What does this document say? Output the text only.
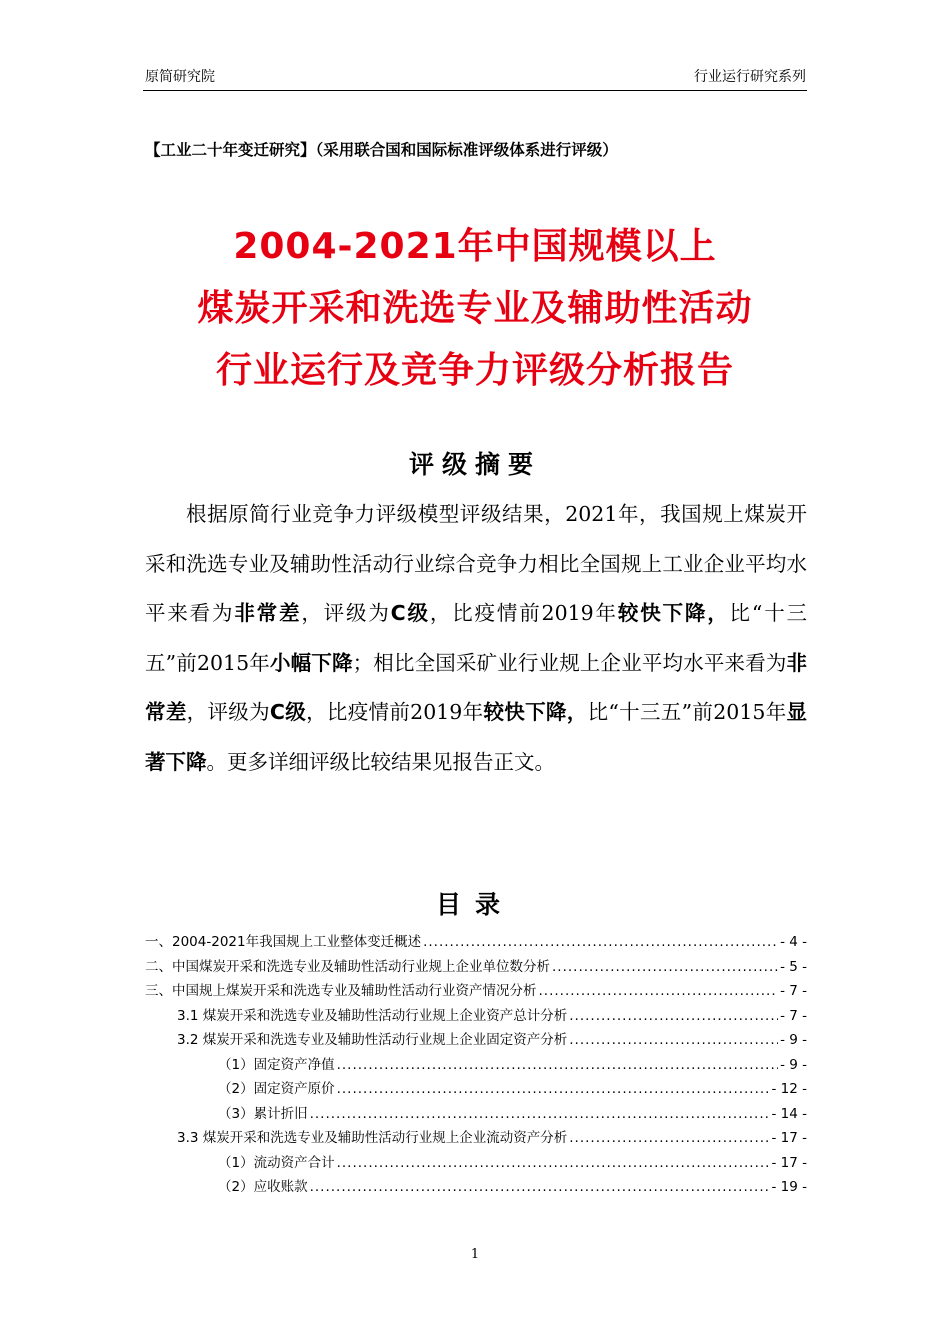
原简研究院	行业运行研究系列
【工业二十年变迁研究】（采用联合国和国际标准评级体系进行评级）
2004-2021年中国规模以上
煤炭开采和洗选专业及辅助性活动
行业运行及竞争力评级分析报告
评级摘要
根据原简行业竞争力评级模型评级结果，2021年，我国规上煤炭开采和洗选专业及辅助性活动行业综合竞争力相比全国规上工业企业平均水平来看为非常差，评级为C级，比疫情前2019年较快下降，比“十三五”前2015年小幅下降；相比全国采矿业行业规上企业平均水平来看为非常差，评级为C级，比疫情前2019年较快下降，比“十三五”前2015年显著下降。更多详细评级比较结果见报告正文。
目录
一、2004-2021年我国规上工业整体变迁概述 .....	- 4 -
二、中国煤炭开采和洗选专业及辅助性活动行业规上企业单位数分析 .....	- 5 -
三、中国规上煤炭开采和洗选专业及辅助性活动行业资产情况分析 .....	- 7 -
3.1 煤炭开采和洗选专业及辅助性活动行业规上企业资产总计分析 .....	- 7 -
3.2 煤炭开采和洗选专业及辅助性活动行业规上企业固定资产分析 .....	- 9 -
（1）固定资产净值 .....	- 9 -
（2）固定资产原价 .....	- 12 -
（3）累计折旧 .....	- 14 -
3.3 煤炭开采和洗选专业及辅助性活动行业规上企业流动资产分析 .....	- 17 -
（1）流动资产合计 .....	- 17 -
（2）应收账款 .....	- 19 -
1
